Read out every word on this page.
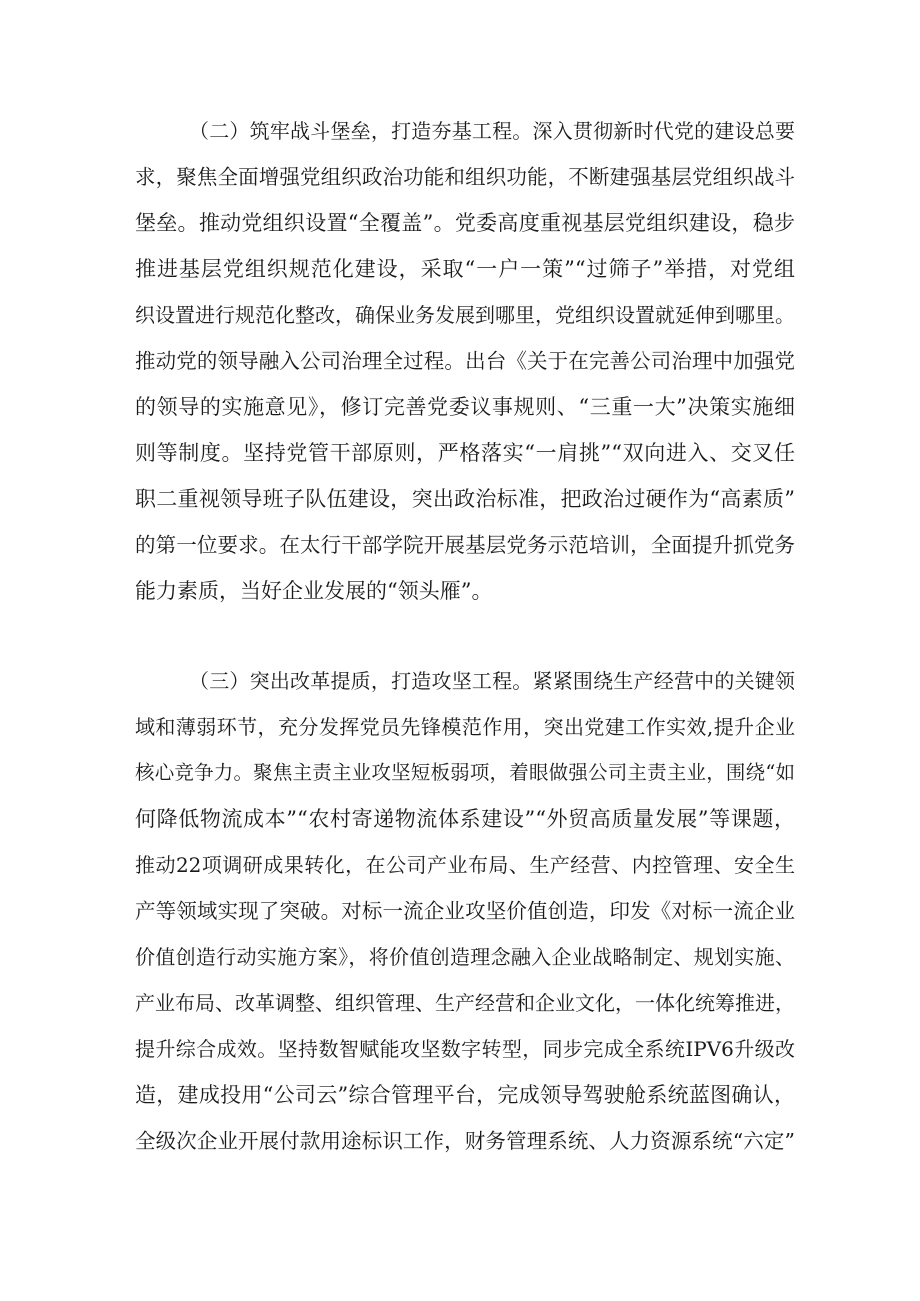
（二）筑牢战斗堡垒，打造夯基工程。深入贯彻新时代党的建设总要
求，聚焦全面增强党组织政治功能和组织功能，不断建强基层党组织战斗
堡垒。推动党组织设置“全覆盖”。党委高度重视基层党组织建设，稳步
推进基层党组织规范化建设，采取“一户一策”“过筛子”举措，对党组
织设置进行规范化整改，确保业务发展到哪里，党组织设置就延伸到哪里。
推动党的领导融入公司治理全过程。出台《关于在完善公司治理中加强党
的领导的实施意见》，修订完善党委议事规则、“三重一大”决策实施细
则等制度。坚持党管干部原则，严格落实“一肩挑”“双向进入、交叉任
职二重视领导班子队伍建设，突出政治标准，把政治过硬作为“高素质”
的第一位要求。在太行干部学院开展基层党务示范培训，全面提升抓党务
能力素质，当好企业发展的“领头雁”。
（三）突出改革提质，打造攻坚工程。紧紧围绕生产经营中的关键领
域和薄弱环节，充分发挥党员先锋模范作用，突出党建工作实效,提升企业
核心竞争力。聚焦主责主业攻坚短板弱项，着眼做强公司主责主业，围绕“如
何降低物流成本”“农村寄递物流体系建设”“外贸高质量发展”等课题，
推动22项调研成果转化，在公司产业布局、生产经营、内控管理、安全生
产等领域实现了突破。对标一流企业攻坚价值创造，印发《对标一流企业
价值创造行动实施方案》，将价值创造理念融入企业战略制定、规划实施、
产业布局、改革调整、组织管理、生产经营和企业文化，一体化统筹推进，
提升综合成效。坚持数智赋能攻坚数字转型，同步完成全系统IPV6升级改
造，建成投用“公司云”综合管理平台，完成领导驾驶舱系统蓝图确认，
全级次企业开展付款用途标识工作，财务管理系统、人力资源系统“六定”
